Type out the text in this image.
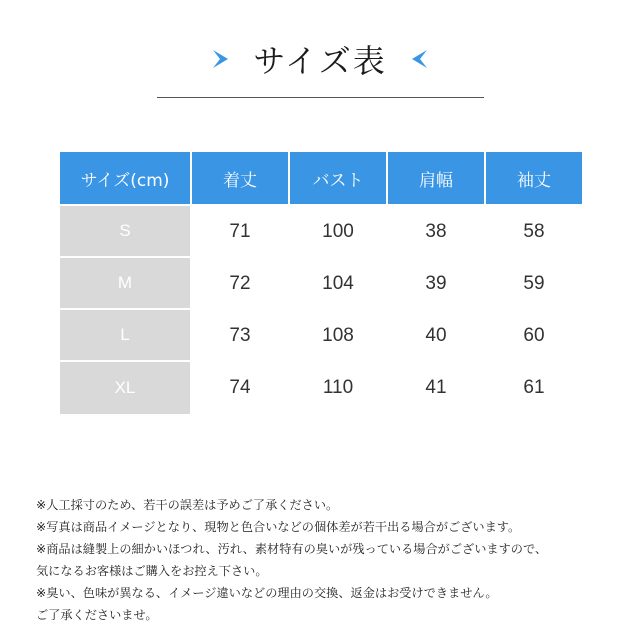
サイズ表
サイズ(cm)	着丈	バスト	肩幅	袖丈
S	71	100	38	58
M	72	104	39	59
L	73	108	40	60
XL	74	110	41	61
※人工採寸のため、若干の誤差は予めご了承ください。
※写真は商品イメージとなり、現物と色合いなどの個体差が若干出る場合がございます。
※商品は縫製上の細かいほつれ、汚れ、素材特有の臭いが残っている場合がございますので、
気になるお客様はご購入をお控え下さい。
※臭い、色味が異なる、イメージ違いなどの理由の交換、返金はお受けできません。
ご了承くださいませ。
